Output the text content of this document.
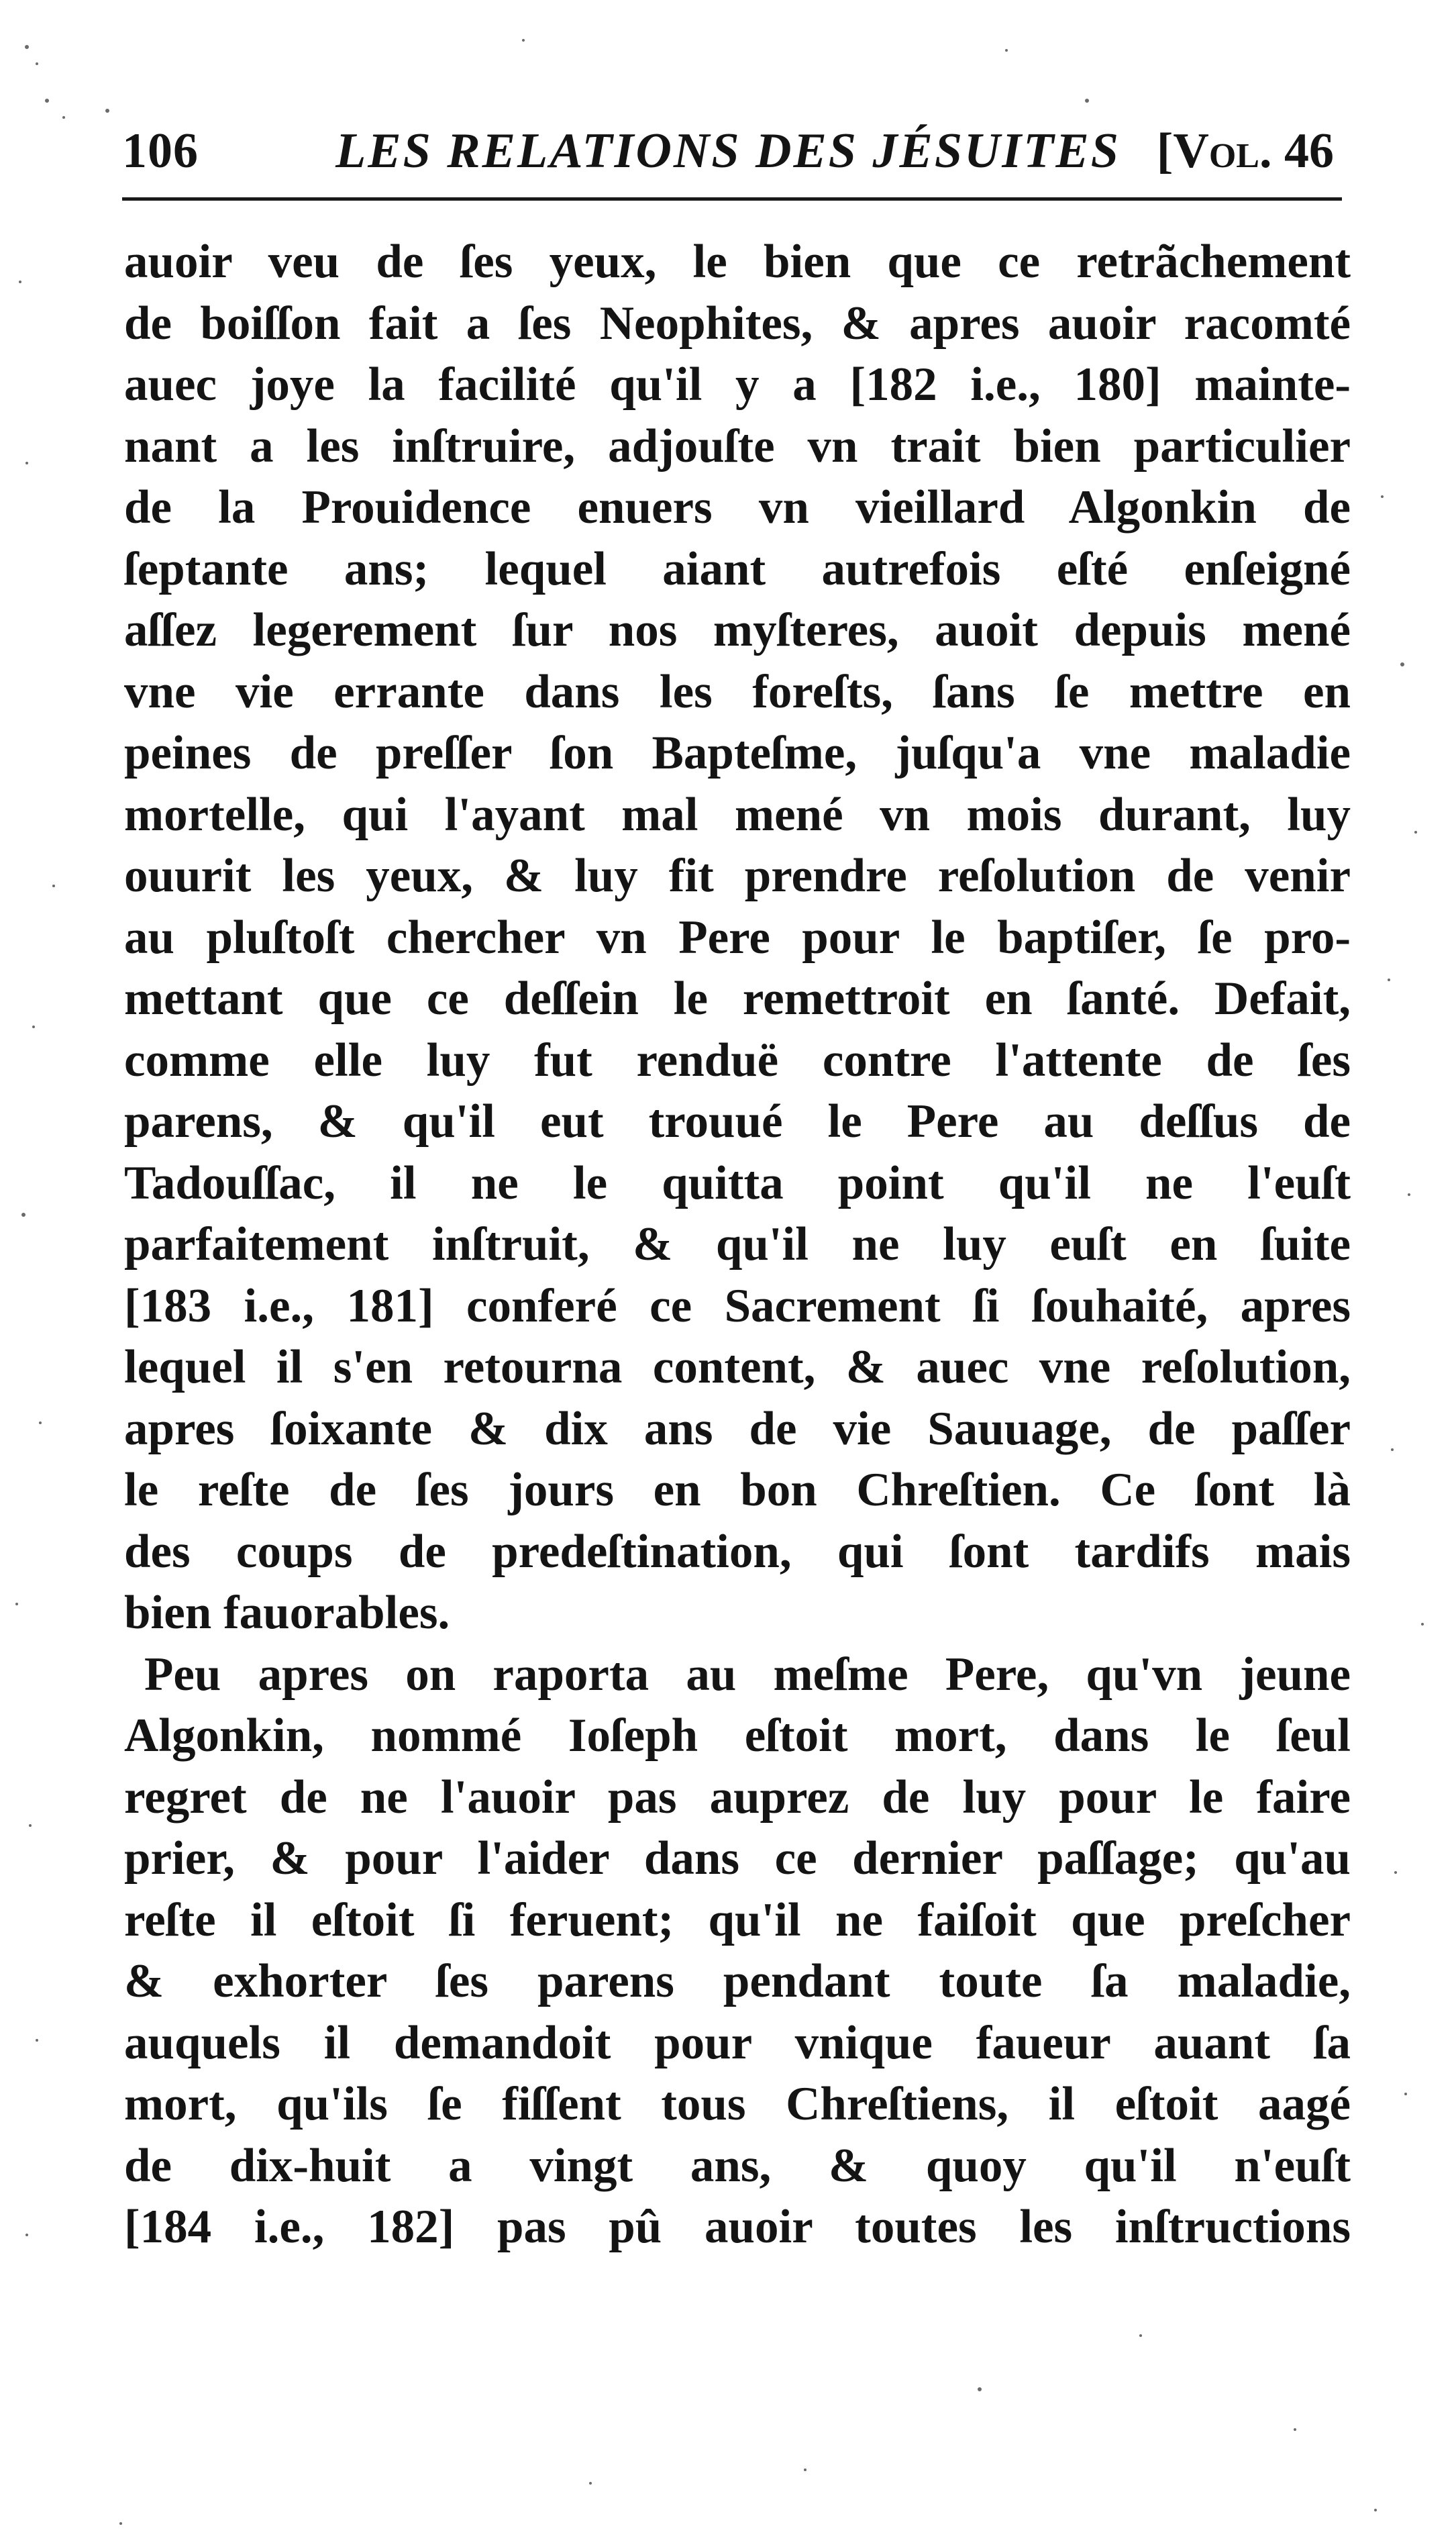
106	LES RELATIONS DES JÉSUITES [Vol. 46
auoir veu de ſes yeux, le bien que ce retrãchement
de boiſſon fait a ſes Neophites, & apres auoir racomté
auec joye la facilité qu'il y a [182 i.e., 180] mainte-
nant a les inſtruire, adjouſte vn trait bien particulier
de la Prouidence enuers vn vieillard Algonkin de
ſeptante ans; lequel aiant autrefois eſté enſeigné
aſſez legerement ſur nos myſteres, auoit depuis mené
vne vie errante dans les foreſts, ſans ſe mettre en
peines de preſſer ſon Bapteſme, juſqu'a vne maladie
mortelle, qui l'ayant mal mené vn mois durant, luy
ouurit les yeux, & luy fit prendre reſolution de venir
au pluſtoſt chercher vn Pere pour le baptiſer, ſe pro-
mettant que ce deſſein le remettroit en ſanté. Defait,
comme elle luy fut renduë contre l'attente de ſes
parens, & qu'il eut trouué le Pere au deſſus de
Tadouſſac, il ne le quitta point qu'il ne l'euſt
parfaitement inſtruit, & qu'il ne luy euſt en ſuite
[183 i.e., 181] conferé ce Sacrement ſi ſouhaité, apres
lequel il s'en retourna content, & auec vne reſolution,
apres ſoixante & dix ans de vie Sauuage, de paſſer
le reſte de ſes jours en bon Chreſtien. Ce ſont là
des coups de predeſtination, qui ſont tardifs mais
bien fauorables.
Peu apres on raporta au meſme Pere, qu'vn jeune
Algonkin, nommé Ioſeph eſtoit mort, dans le ſeul
regret de ne l'auoir pas auprez de luy pour le faire
prier, & pour l'aider dans ce dernier paſſage; qu'au
reſte il eſtoit ſi feruent; qu'il ne faiſoit que preſcher
& exhorter ſes parens pendant toute ſa maladie,
auquels il demandoit pour vnique faueur auant ſa
mort, qu'ils ſe fiſſent tous Chreſtiens, il eſtoit aagé
de dix-huit a vingt ans, & quoy qu'il n'euſt
[184 i.e., 182] pas pû auoir toutes les inſtructions
